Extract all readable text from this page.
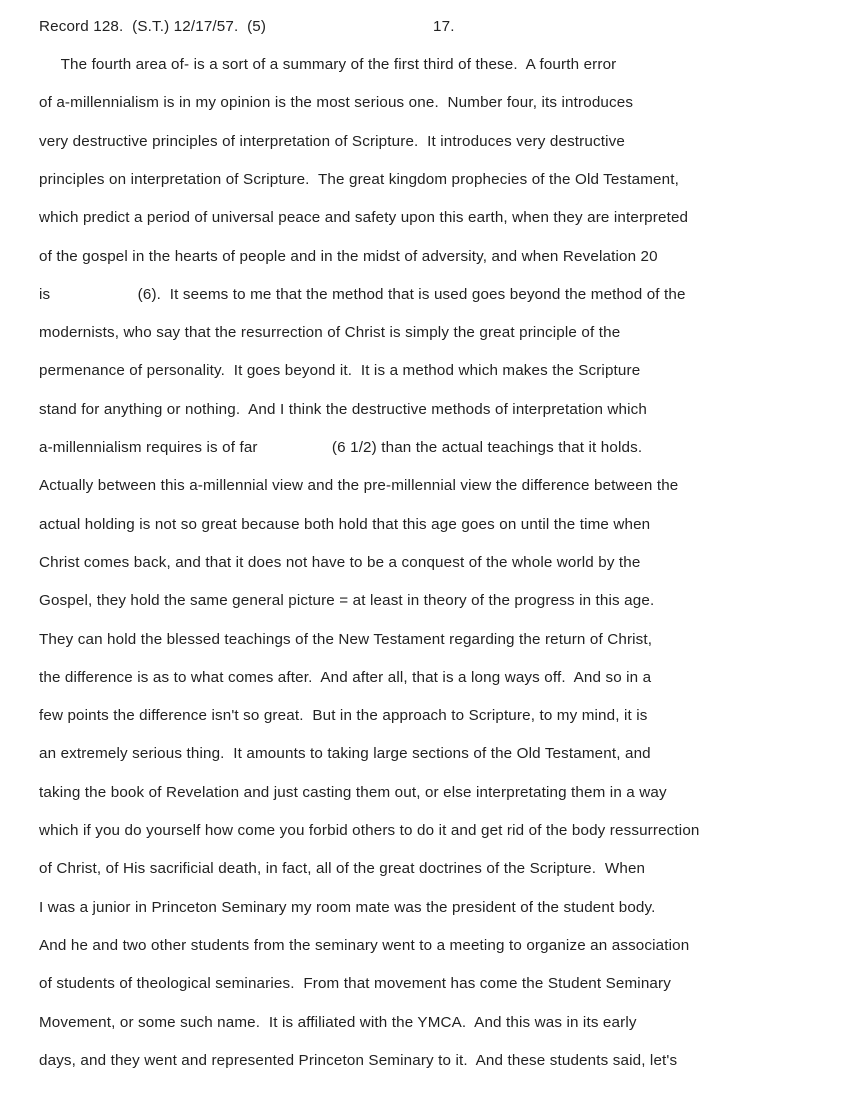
Record 128.  (S.T.) 12/17/57.  (5)	17.
The fourth area of- is a sort of a summary of the first third of these.  A fourth error
of a-millennialism is in my opinion is the most serious one.  Number four, its introduces
very destructive principles of interpretation of Scripture.  It introduces very destructive
principles on interpretation of Scripture.  The great kingdom prophecies of the Old Testament,
which predict a period of universal peace and safety upon this earth, when they are interpreted
of the gospel in the hearts of people and in the midst of adversity, and when Revelation 20
is                    (6).  It seems to me that the method that is used goes beyond the method of the
modernists, who say that the resurrection of Christ is simply the great principle of the
permenance of personality.  It goes beyond it.  It is a method which makes the Scripture
stand for anything or nothing.  And I think the destructive methods of interpretation which
a-millennialism requires is of far                 (6 1/2) than the actual teachings that it holds.
Actually between this a-millennial view and the pre-millennial view the difference between the
actual holding is not so great because both hold that this age goes on until the time when
Christ comes back, and that it does not have to be a conquest of the whole world by the
Gospel, they hold the same general picture = at least in theory of the progress in this age.
They can hold the blessed teachings of the New Testament regarding the return of Christ,
the difference is as to what comes after.  And after all, that is a long ways off.  And so in a
few points the difference isn't so great.  But in the approach to Scripture, to my mind, it is
an extremely serious thing.  It amounts to taking large sections of the Old Testament, and
taking the book of Revelation and just casting them out, or else interpretating them in a way
which if you do yourself how come you forbid others to do it and get rid of the body ressurrection
of Christ, of His sacrificial death, in fact, all of the great doctrines of the Scripture.  When
I was a junior in Princeton Seminary my room mate was the president of the student body.
And he and two other students from the seminary went to a meeting to organize an association
of students of theological seminaries.  From that movement has come the Student Seminary
Movement, or some such name.  It is affiliated with the YMCA.  And this was in its early
days, and they went and represented Princeton Seminary to it.  And these students said, let's
